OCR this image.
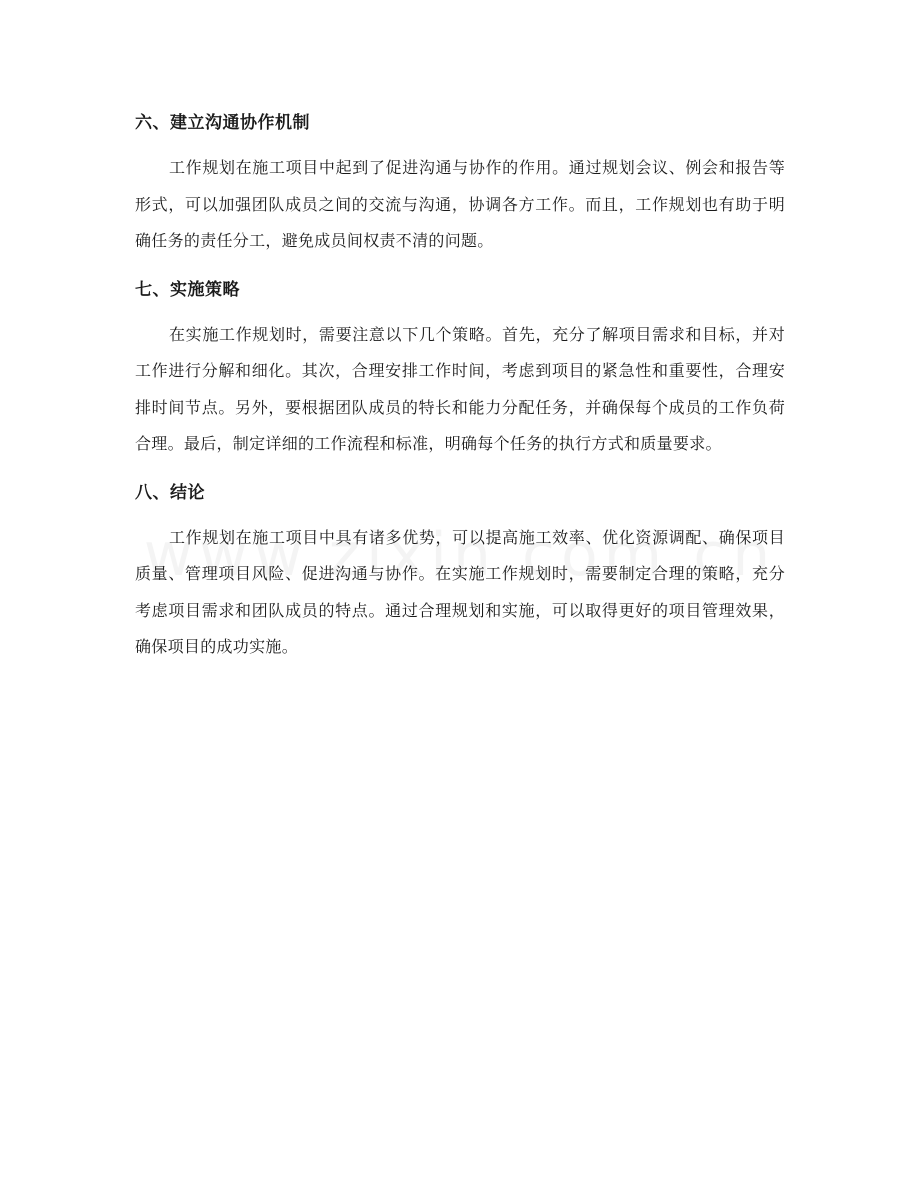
六、建立沟通协作机制

工作规划在施工项目中起到了促进沟通与协作的作用。通过规划会议、例会和报告等形式，可以加强团队成员之间的交流与沟通，协调各方工作。而且，工作规划也有助于明确任务的责任分工，避免成员间权责不清的问题。

七、实施策略

在实施工作规划时，需要注意以下几个策略。首先，充分了解项目需求和目标，并对工作进行分解和细化。其次，合理安排工作时间，考虑到项目的紧急性和重要性，合理安排时间节点。另外，要根据团队成员的特长和能力分配任务，并确保每个成员的工作负荷合理。最后，制定详细的工作流程和标准，明确每个任务的执行方式和质量要求。

八、结论

工作规划在施工项目中具有诸多优势，可以提高施工效率、优化资源调配、确保项目质量、管理项目风险、促进沟通与协作。在实施工作规划时，需要制定合理的策略，充分考虑项目需求和团队成员的特点。通过合理规划和实施，可以取得更好的项目管理效果，确保项目的成功实施。
